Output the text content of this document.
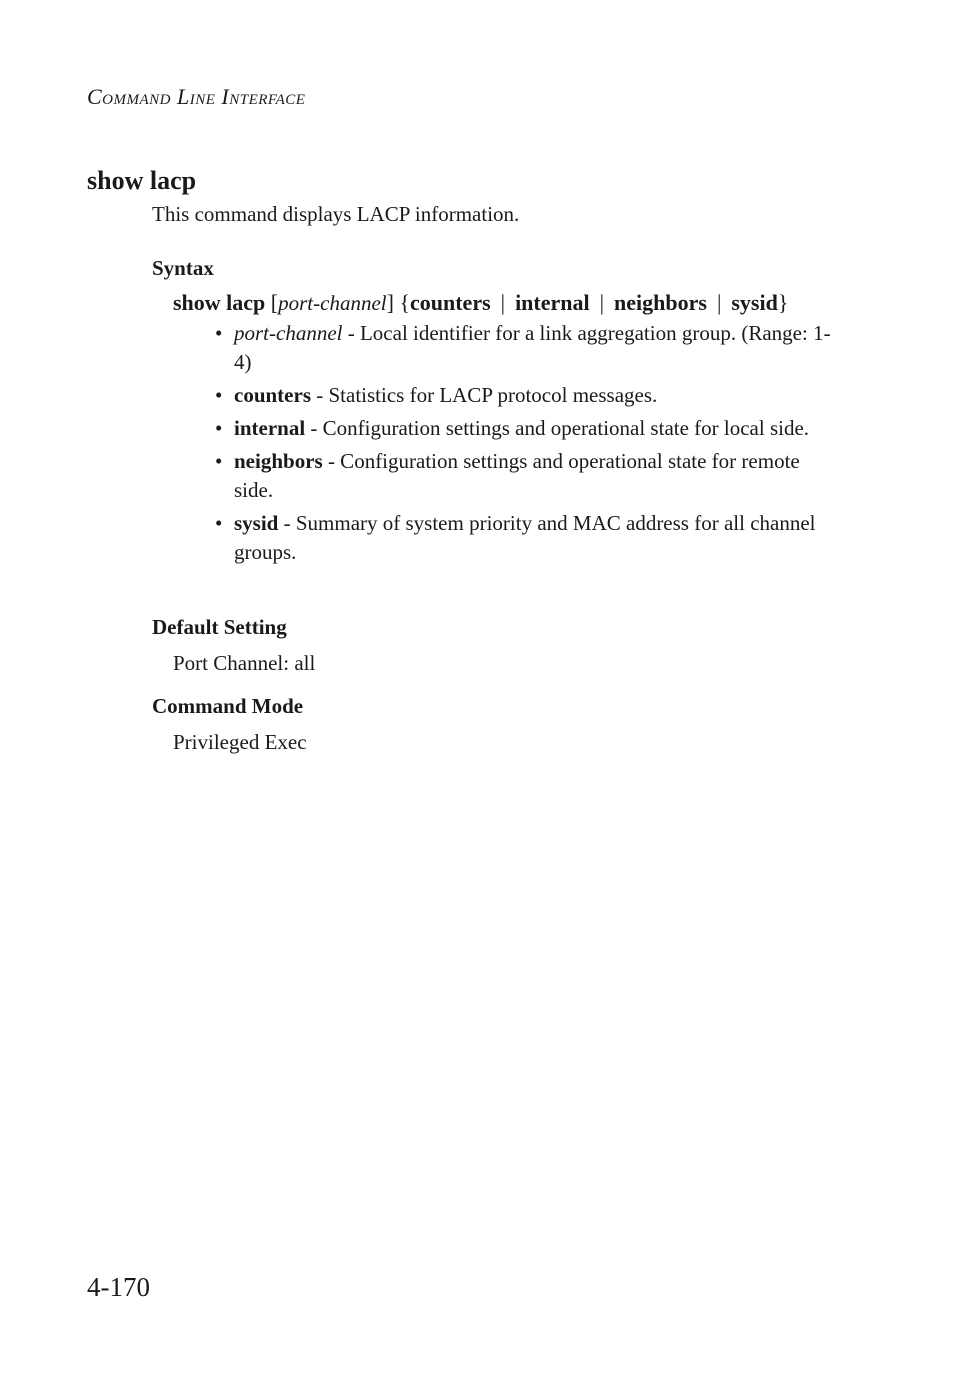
Command Line Interface
show lacp
This command displays LACP information.
Syntax
show lacp [port-channel] {counters | internal | neighbors | sysid}
• port-channel - Local identifier for a link aggregation group. (Range: 1-4)
• counters - Statistics for LACP protocol messages.
• internal - Configuration settings and operational state for local side.
• neighbors - Configuration settings and operational state for remote side.
• sysid - Summary of system priority and MAC address for all channel groups.
Default Setting
Port Channel: all
Command Mode
Privileged Exec
4-170
